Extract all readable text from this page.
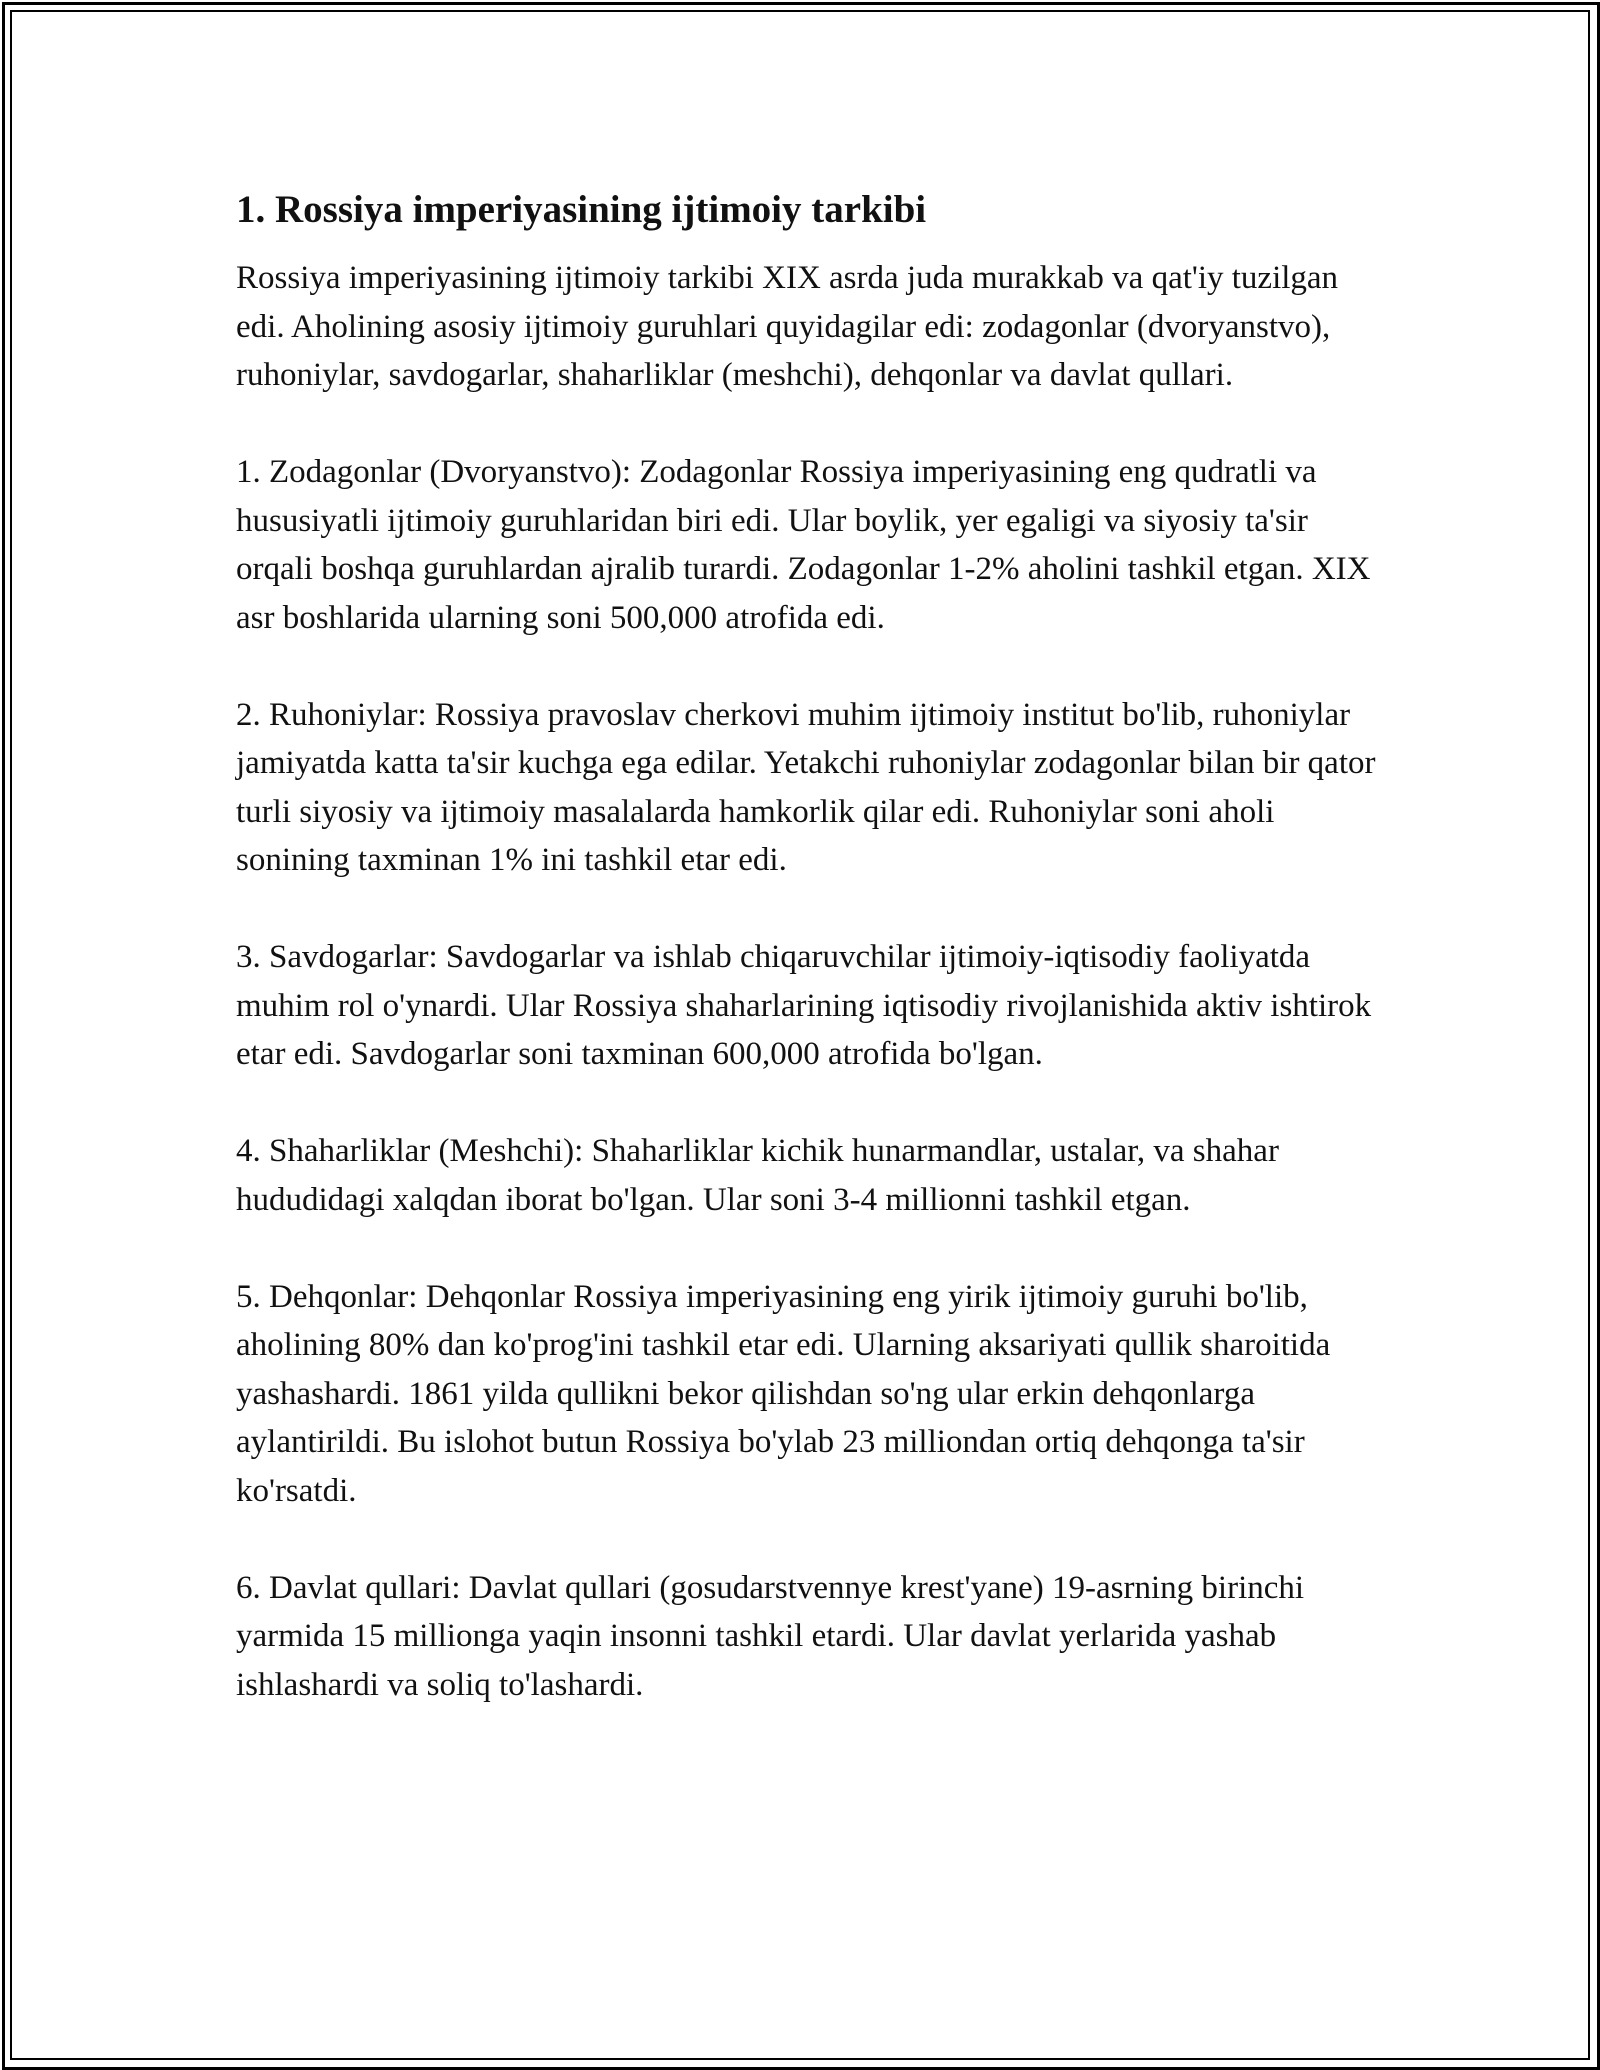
1. Rossiya imperiyasining ijtimoiy tarkibi

Rossiya imperiyasining ijtimoiy tarkibi XIX asrda juda murakkab va qat'iy tuzilgan edi. Aholining asosiy ijtimoiy guruhlari quyidagilar edi: zodagonlar (dvoryanstvo), ruhoniylar, savdogarlar, shaharliklar (meshchi), dehqonlar va davlat qullari.

1. Zodagonlar (Dvoryanstvo): Zodagonlar Rossiya imperiyasining eng qudratli va hususiyatli ijtimoiy guruhlaridan biri edi. Ular boylik, yer egaligi va siyosiy ta'sir orqali boshqa guruhlardan ajralib turardi. Zodagonlar 1-2% aholini tashkil etgan. XIX asr boshlarida ularning soni 500,000 atrofida edi.

2. Ruhoniylar: Rossiya pravoslav cherkovi muhim ijtimoiy institut bo'lib, ruhoniylar jamiyatda katta ta'sir kuchga ega edilar. Yetakchi ruhoniylar zodagonlar bilan bir qator turli siyosiy va ijtimoiy masalalarda hamkorlik qilar edi. Ruhoniylar soni aholi sonining taxminan 1% ini tashkil etar edi.

3. Savdogarlar: Savdogarlar va ishlab chiqaruvchilar ijtimoiy-iqtisodiy faoliyatda muhim rol o'ynardi. Ular Rossiya shaharlarining iqtisodiy rivojlanishida aktiv ishtirok etar edi. Savdogarlar soni taxminan 600,000 atrofida bo'lgan.

4. Shaharliklar (Meshchi): Shaharliklar kichik hunarmandlar, ustalar, va shahar hududidagi xalqdan iborat bo'lgan. Ular soni 3-4 millionni tashkil etgan.

5. Dehqonlar: Dehqonlar Rossiya imperiyasining eng yirik ijtimoiy guruhi bo'lib, aholining 80% dan ko'prog'ini tashkil etar edi. Ularning aksariyati qullik sharoitida yashashardi. 1861 yilda qullikni bekor qilishdan so'ng ular erkin dehqonlarga aylantirildi. Bu islohot butun Rossiya bo'ylab 23 milliondan ortiq dehqonga ta'sir ko'rsatdi.

6. Davlat qullari: Davlat qullari (gosudarstvennye krest'yane) 19-asrning birinchi yarmida 15 millionga yaqin insonni tashkil etardi. Ular davlat yerlarida yashab ishlashardi va soliq to'lashardi.
